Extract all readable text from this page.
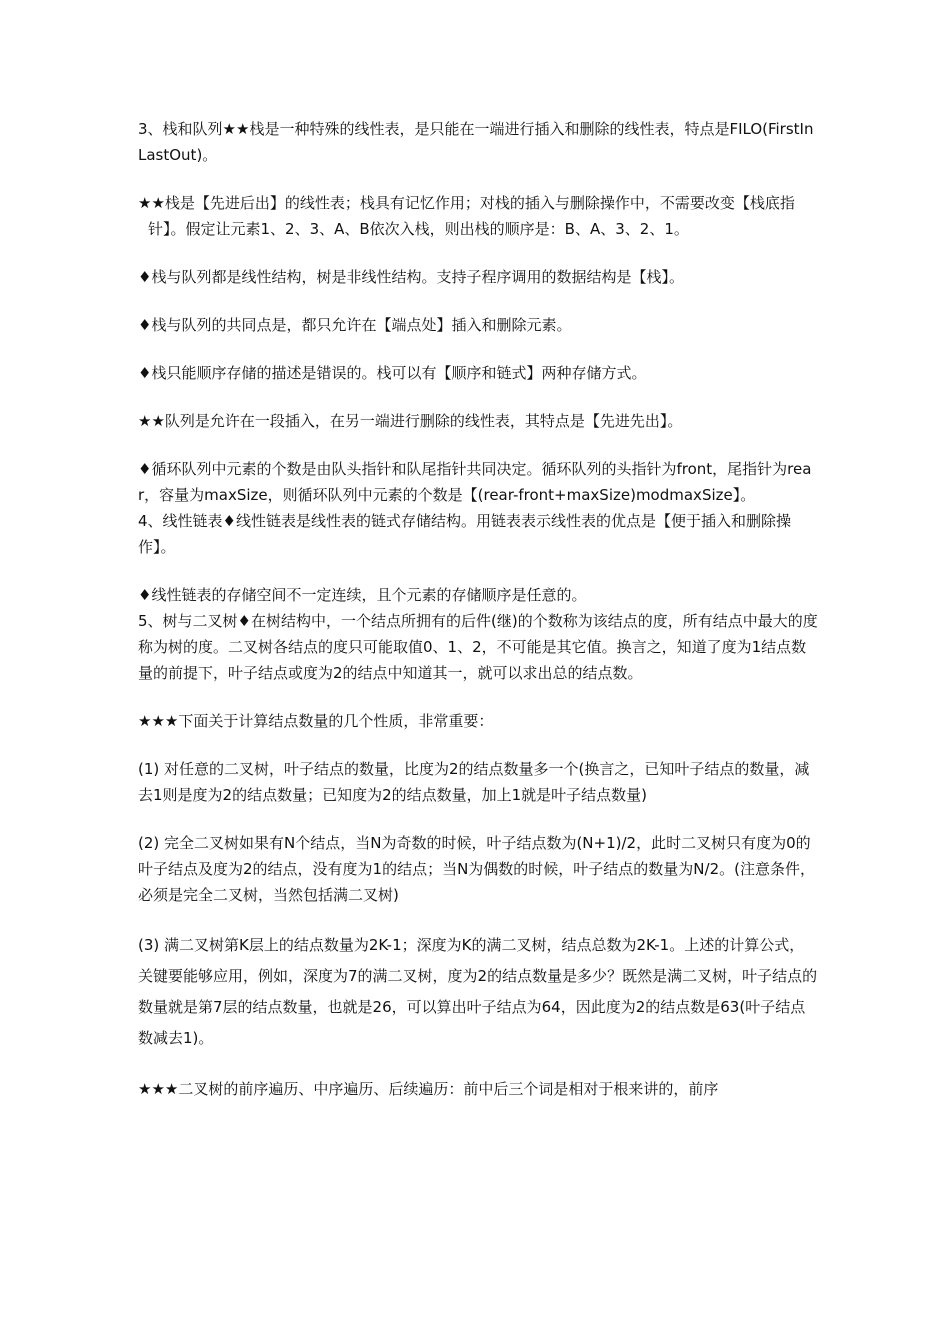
3、栈和队列★★栈是一种特殊的线性表，是只能在一端进行插入和删除的线性表，特点是FILO(FirstInLastOut)。

★★栈是【先进后出】的线性表；栈具有记忆作用；对栈的插入与删除操作中，不需要改变【栈底指针】。假定让元素1、2、3、A、B依次入栈，则出栈的顺序是：B、A、3、2、1。

♦栈与队列都是线性结构，树是非线性结构。支持子程序调用的数据结构是【栈】。

♦栈与队列的共同点是，都只允许在【端点处】插入和删除元素。

♦栈只能顺序存储的描述是错误的。栈可以有【顺序和链式】两种存储方式。

★★队列是允许在一段插入，在另一端进行删除的线性表，其特点是【先进先出】。

♦循环队列中元素的个数是由队头指针和队尾指针共同决定。循环队列的头指针为front，尾指针为rear，容量为maxSize，则循环队列中元素的个数是【(rear-front+maxSize)modmaxSize】。

4、线性链表♦线性链表是线性表的链式存储结构。用链表表示线性表的优点是【便于插入和删除操作】。

♦线性链表的存储空间不一定连续，且个元素的存储顺序是任意的。

5、树与二叉树♦在树结构中，一个结点所拥有的后件(继)的个数称为该结点的度，所有结点中最大的度称为树的度。二叉树各结点的度只可能取值0、1、2，不可能是其它值。换言之，知道了度为1结点数量的前提下，叶子结点或度为2的结点中知道其一，就可以求出总的结点数。

★★★下面关于计算结点数量的几个性质，非常重要：

(1) 对任意的二叉树，叶子结点的数量，比度为2的结点数量多一个(换言之，已知叶子结点的数量，减去1则是度为2的结点数量；已知度为2的结点数量，加上1就是叶子结点数量)

(2) 完全二叉树如果有N个结点，当N为奇数的时候，叶子结点数为(N+1)/2，此时二叉树只有度为0的叶子结点及度为2的结点，没有度为1的结点；当N为偶数的时候，叶子结点的数量为N/2。(注意条件，必须是完全二叉树，当然包括满二叉树)

(3) 满二叉树第K层上的结点数量为2K-1；深度为K的满二叉树，结点总数为2K-1。上述的计算公式，关键要能够应用，例如，深度为7的满二叉树，度为2的结点数量是多少？既然是满二叉树，叶子结点的数量就是第7层的结点数量，也就是26，可以算出叶子结点为64，因此度为2的结点数是63(叶子结点数减去1)。

★★★二叉树的前序遍历、中序遍历、后续遍历：前中后三个词是相对于根来讲的，前序
